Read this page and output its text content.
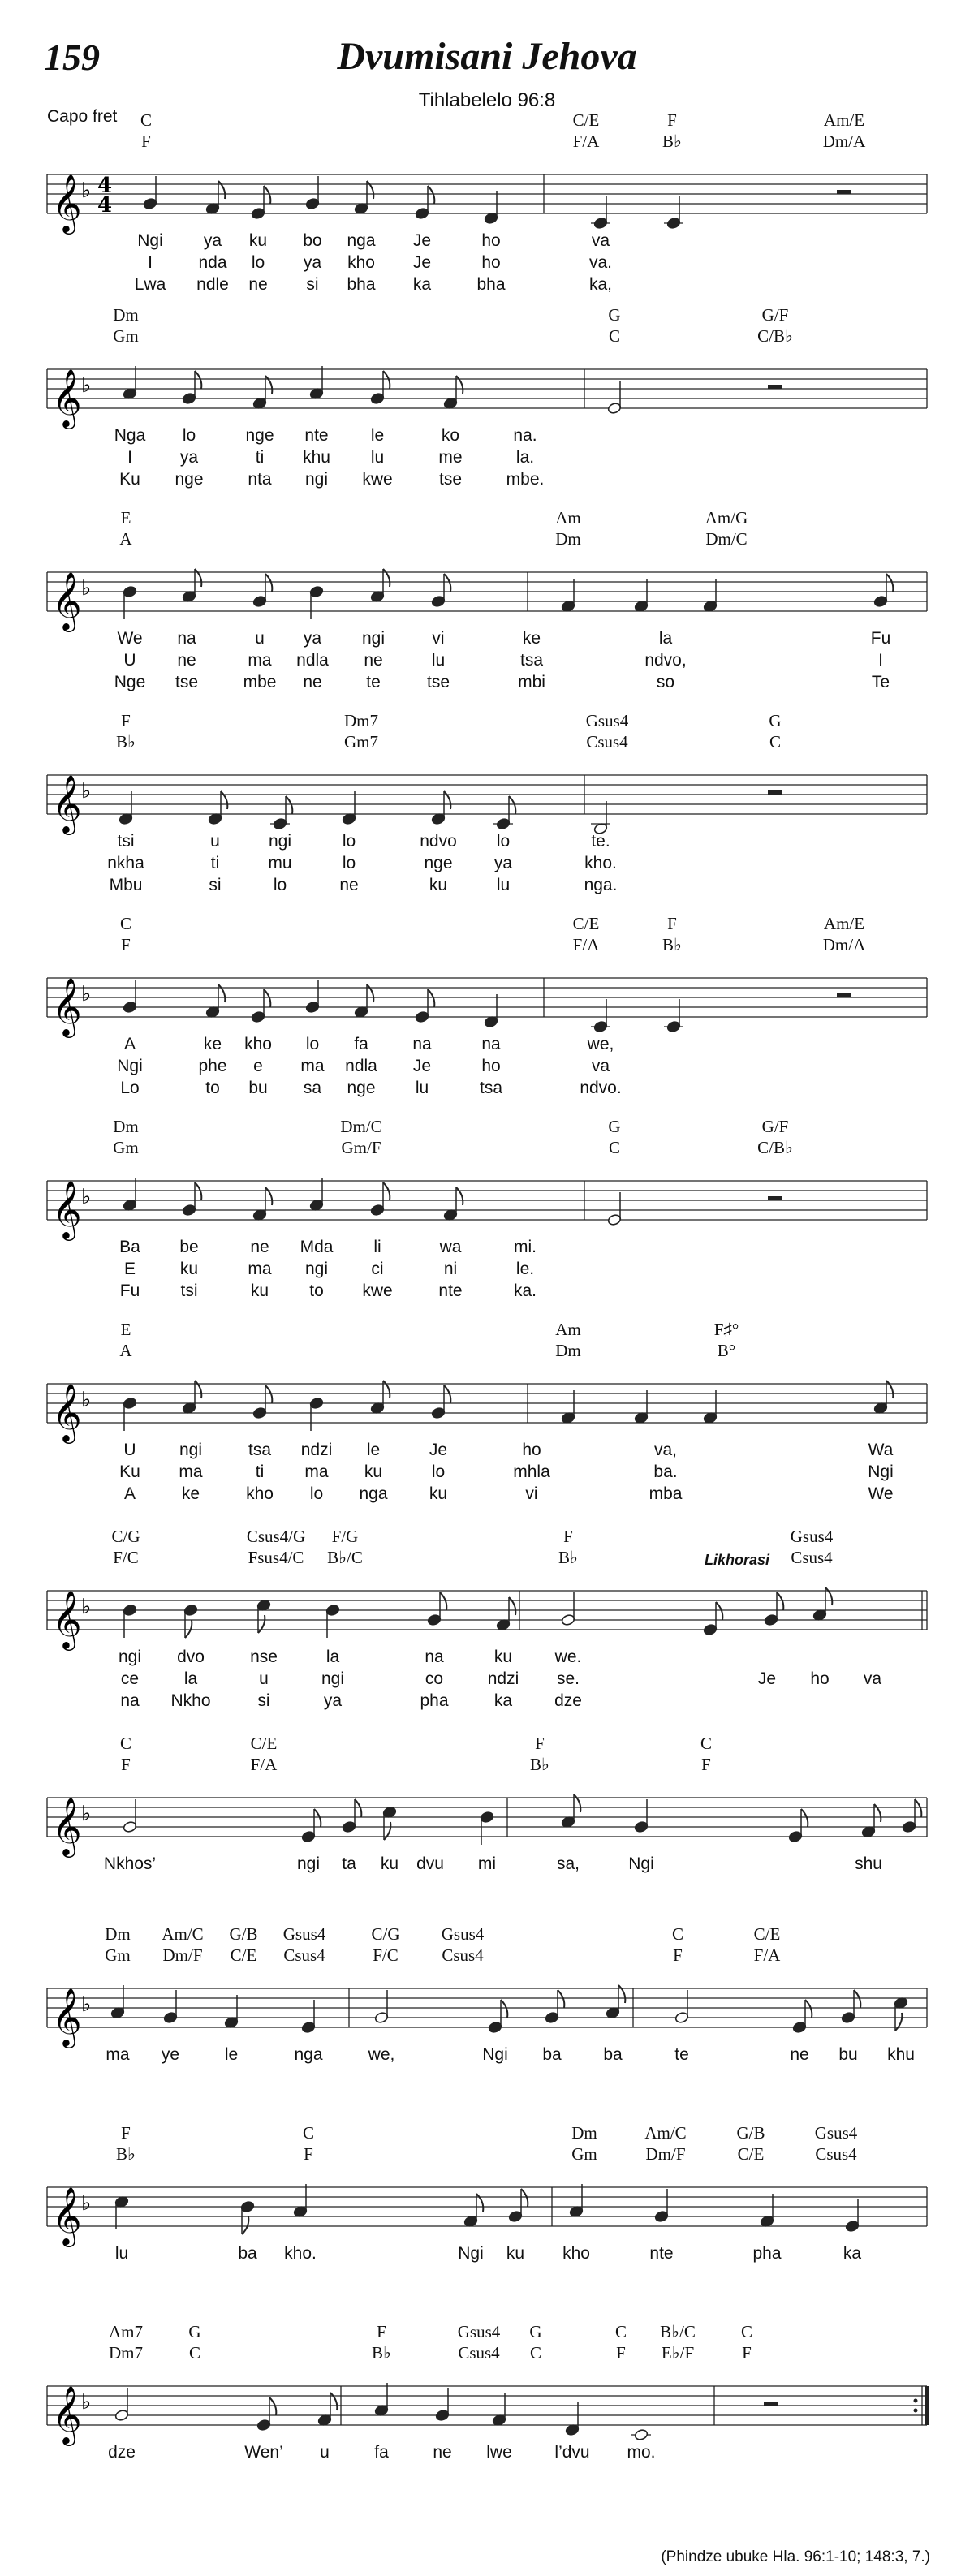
159	Dvumisani Jehova
Tihlabelelo 96:8
Capo fret C
F
C/E
F/A
F
B♭
Am/E
Dm/A
𝄞 ♭ 4
4
Ngi ya ku bo nga Je	ho	va
I	nda lo ya kho Je	ho	va.
Lwa ndle ne si bha ka	bha	ka,
Dm
Gm
G
C
G/F
C/B♭
𝄞 ♭
Nga lo	nge nte le	ko	na.
I	ya	ti khu lu	me	la.
Ku nge	nta ngi kwe	tse	mbe.
E
A
Am
Dm
Am/G
Dm/C
𝄞 ♭
We na	u ya ngi	vi	ke	la	Fu
U ne	ma ndla ne	lu	tsa	ndvo,	I
Nge tse	mbe ne	te	tse	mbi	so	Te
F
B♭
Dm7
Gm7
Gsus4
Csus4
G
C
𝄞 ♭
tsi	u	ngi	lo	ndvo lo	te.
nkha	ti	mu	lo	nge ya	kho.
Mbu	si	lo	ne	ku	lu	nga.
C
F
C/E
F/A
F
B♭
Am/E
Dm/A
𝄞 ♭
A	ke kho lo fa	na	na	we,
Ngi	phe e ma ndla Je	ho	va
Lo	to bu sa nge lu	tsa	ndvo.
Dm
Gm
Dm/C
Gm/F
G
C
G/F
C/B♭
𝄞 ♭
Ba be	ne Mda li	wa	mi.
E	ku	ma ngi	ci	ni	le.
Fu tsi	ku to kwe	nte	ka.
E
A
Am
Dm
F♯°
B°
𝄞 ♭
U	ngi	tsa ndzi le	Je	ho	va,	Wa
Ku ma	ti ma ku	lo	mhla	ba.	Ngi
A	ke	kho lo nga ku	vi	mba	We
C/G
F/C
Csus4/G
Fsus4/C
F/G
B♭/C
F
B♭
Gsus4
Csus4
𝄞 ♭
Likhorasi
ngi dvo	nse	la	na	ku	we.
ce	la	u	ngi	co	ndzi se.	Je ho va
na Nkho	si	ya	pha	ka dze
C
F
C/E
F/A
F
B♭
C
F
𝄞 ♭
Nkhos’	ngi ta ku dvu mi	sa,	Ngi	shu
Dm
Gm
Am/C
Dm/F
G/B
C/E
Gsus4
Csus4
C/G
F/C
Gsus4
Csus4
C
F
C/E
F/A
𝄞 ♭
ma ye	le	nga	we,	Ngi ba ba	te	ne bu khu
F
B♭
C
F
Dm
Gm
Am/C
Dm/F
G/B
C/E
Gsus4
Csus4
𝄞 ♭
lu	ba kho.	Ngi ku kho	nte	pha	ka
Am7
Dm7
G
C
F
B♭
Gsus4
Csus4
G
C
C
F
B♭/C
E♭/F
C
F
𝄞 ♭
dze	Wen’ u	fa	ne lwe	l’dvu mo.
(Phindze ubuke Hla. 96:1-10; 148:3, 7.)
